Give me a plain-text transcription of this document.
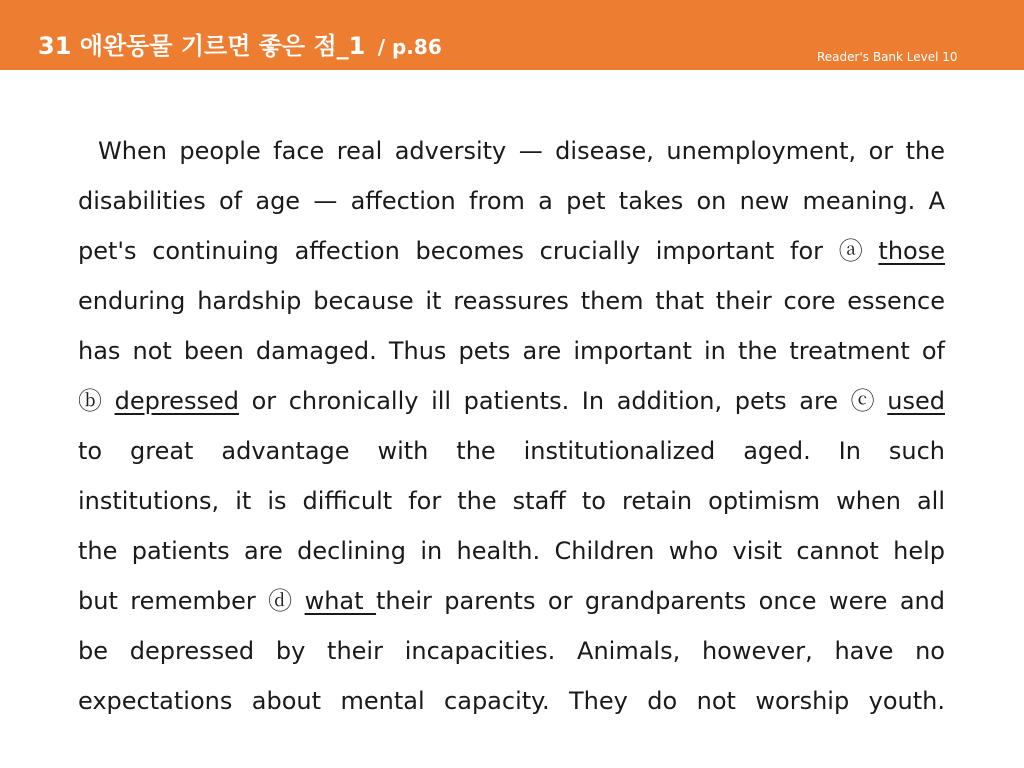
31 애완동물 기르면 좋은 점_1 / p.86	Reader's Bank Level 10
When people face real adversity — disease, unemployment, or the
disabilities of age — affection from a pet takes on new meaning. A
pet's continuing affection becomes crucially important for ⓐ those
enduring hardship because it reassures them that their core essence
has not been damaged. Thus pets are important in the treatment of
ⓑ depressed or chronically ill patients. In addition, pets are ⓒ used
to great advantage with the institutionalized aged. In such
institutions, it is difficult for the staff to retain optimism when all
the patients are declining in health. Children who visit cannot help
but remember ⓓ what their parents or grandparents once were and
be depressed by their incapacities. Animals, however, have no
expectations about mental capacity. They do not worship youth.
